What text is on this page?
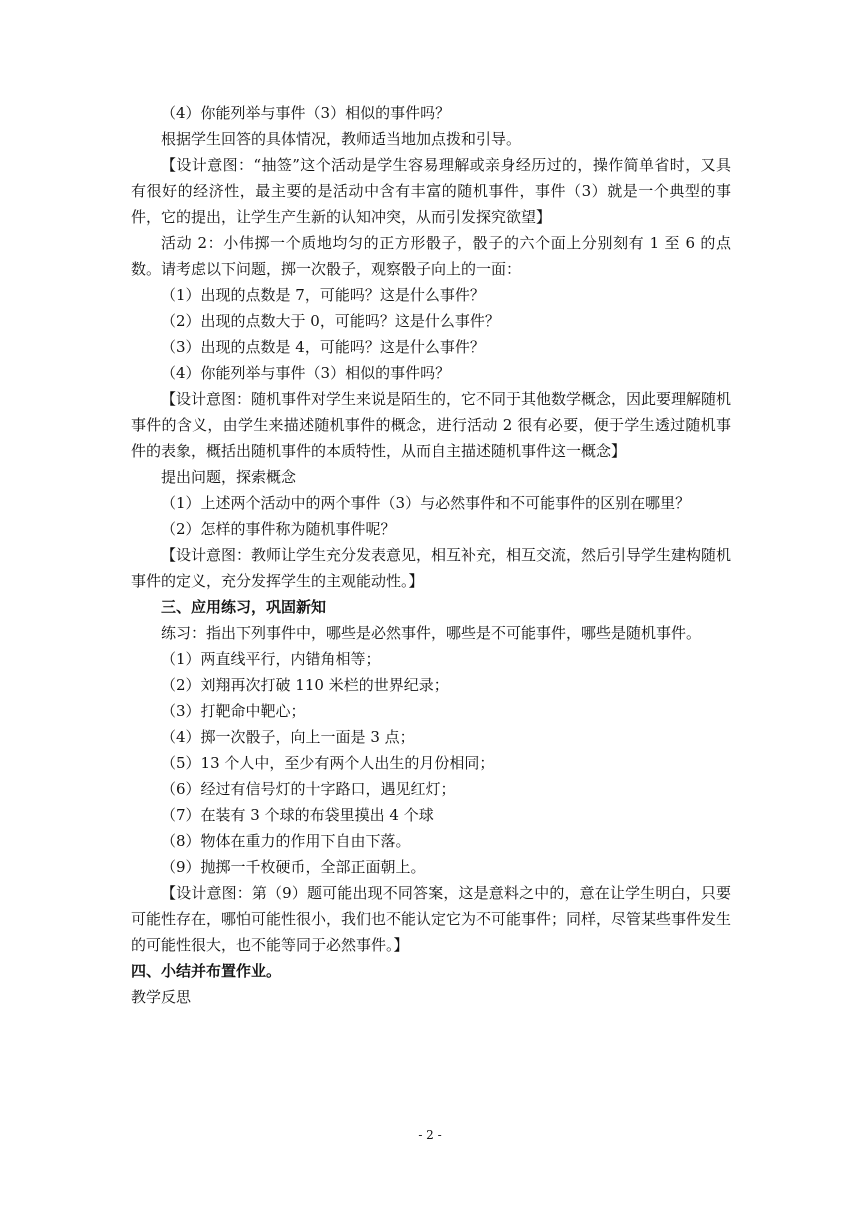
（4）你能列举与事件（3）相似的事件吗？
根据学生回答的具体情况，教师适当地加点拨和引导。

【设计意图：“抽签”这个活动是学生容易理解或亲身经历过的，操作简单省时，又具有很好的经济性，最主要的是活动中含有丰富的随机事件，事件（3）就是一个典型的事件，它的提出，让学生产生新的认知冲突，从而引发探究欲望】

活动 2：小伟掷一个质地均匀的正方形骰子，骰子的六个面上分别刻有 1 至 6 的点数。请考虑以下问题，掷一次骰子，观察骰子向上的一面：

（1）出现的点数是 7，可能吗？这是什么事件？
（2）出现的点数大于 0，可能吗？这是什么事件？
（3）出现的点数是 4，可能吗？这是什么事件？
（4）你能列举与事件（3）相似的事件吗？

【设计意图：随机事件对学生来说是陌生的，它不同于其他数学概念，因此要理解随机事件的含义，由学生来描述随机事件的概念，进行活动 2 很有必要，便于学生透过随机事件的表象，概括出随机事件的本质特性，从而自主描述随机事件这一概念】

提出问题，探索概念
（1）上述两个活动中的两个事件（3）与必然事件和不可能事件的区别在哪里？
（2）怎样的事件称为随机事件呢？

【设计意图：教师让学生充分发表意见，相互补充，相互交流，然后引导学生建构随机事件的定义，充分发挥学生的主观能动性。】

三、应用练习，巩固新知
练习：指出下列事件中，哪些是必然事件，哪些是不可能事件，哪些是随机事件。
（1）两直线平行，内错角相等；
（2）刘翔再次打破 110 米栏的世界纪录；
（3）打靶命中靶心；
（4）掷一次骰子，向上一面是 3 点；
（5）13 个人中，至少有两个人出生的月份相同；
（6）经过有信号灯的十字路口，遇见红灯；
（7）在装有 3 个球的布袋里摸出 4 个球
（8）物体在重力的作用下自由下落。
（9）抛掷一千枚硬币，全部正面朝上。

【设计意图：第（9）题可能出现不同答案，这是意料之中的，意在让学生明白，只要可能性存在，哪怕可能性很小，我们也不能认定它为不可能事件；同样，尽管某些事件发生的可能性很大，也不能等同于必然事件。】

四、小结并布置作业。
教学反思
- 2 -
